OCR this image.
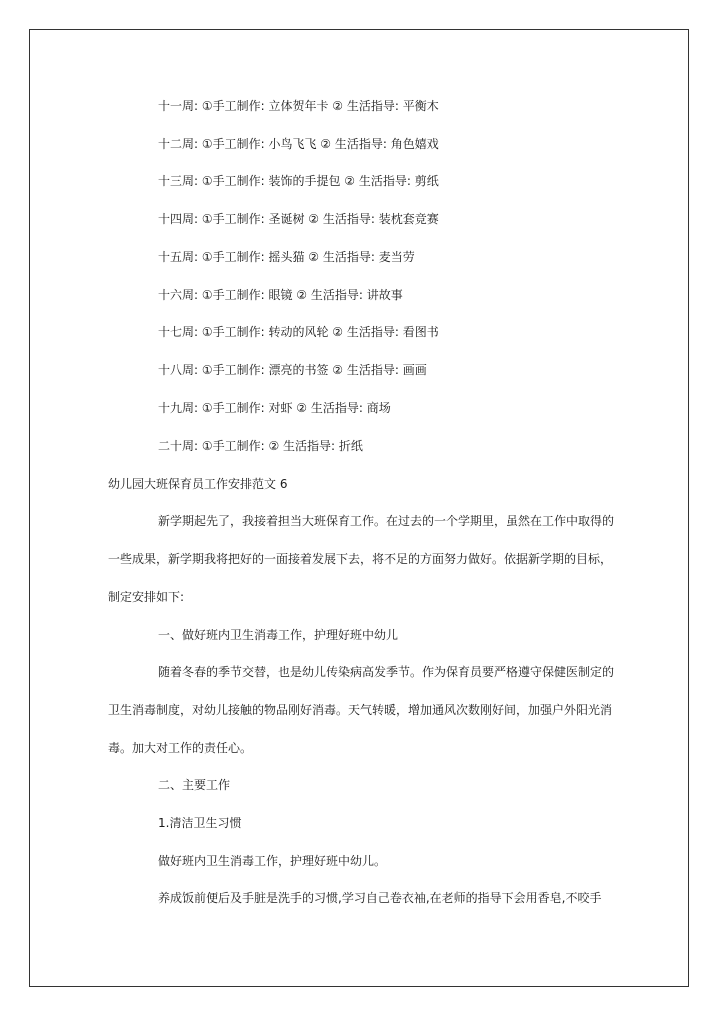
十一周: ①手工制作: 立体贺年卡 ② 生活指导: 平衡木
十二周: ①手工制作: 小鸟飞飞 ② 生活指导: 角色嬉戏
十三周: ①手工制作: 装饰的手提包 ② 生活指导: 剪纸
十四周: ①手工制作: 圣诞树 ② 生活指导: 装枕套竞赛
十五周: ①手工制作: 摇头猫 ② 生活指导: 麦当劳
十六周: ①手工制作: 眼镜 ② 生活指导: 讲故事
十七周: ①手工制作: 转动的风轮 ② 生活指导: 看图书
十八周: ①手工制作: 漂亮的书签 ② 生活指导: 画画
十九周: ①手工制作: 对虾 ② 生活指导: 商场
二十周: ①手工制作: ② 生活指导: 折纸
幼儿园大班保育员工作安排范文 6
新学期起先了，我接着担当大班保育工作。在过去的一个学期里，虽然在工作中取得的
一些成果，新学期我将把好的一面接着发展下去，将不足的方面努力做好。依据新学期的目标，
制定安排如下:
一、做好班内卫生消毒工作，护理好班中幼儿
随着冬春的季节交替，也是幼儿传染病高发季节。作为保育员要严格遵守保健医制定的
卫生消毒制度，对幼儿接触的物品刚好消毒。天气转暖，增加通风次数刚好间，加强户外阳光消
毒。加大对工作的责任心。
二、主要工作
1.清洁卫生习惯
做好班内卫生消毒工作，护理好班中幼儿。
养成饭前便后及手脏是洗手的习惯,学习自己卷衣袖,在老师的指导下会用香皂,不咬手
